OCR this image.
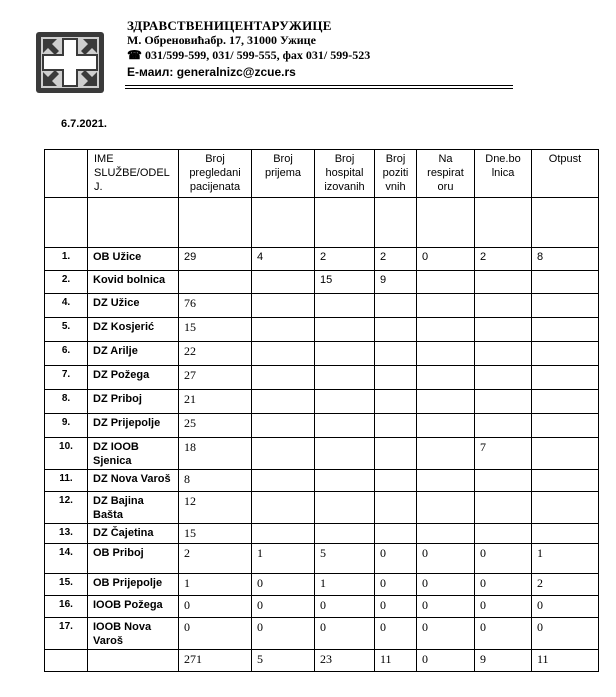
ЗДРАВСТВЕНИЦЕНТАРУЖИЦЕ
М. Обреновићабр. 17, 31000 Ужице
☎ 031/599-599, 031/ 599-555, фах 031/ 599-523
Е-маил: generalnizc@zcue.rs
6.7.2021.
	IME SLUŽBE/ODEL J.	Broj pregledani pacijenata	Broj prijema	Broj hospital izovanih	Broj poziti vnih	Na respirat oru	Dne.bo lnica	Otpust

1.	OB Užice	29	4	2	2	0	2	8
2.	Kovid bolnica			15	9			
4.	DZ Užice	76						
5.	DZ Kosjerić	15						
6.	DZ Arilje	22						
7.	DZ Požega	27						
8.	DZ Priboj	21						
9.	DZ Prijepolje	25						
10.	DZ IOOB Sjenica	18					7	
11.	DZ Nova Varoš	8						
12.	DZ Bajina Bašta	12						
13.	DZ Čajetina	15						
14.	OB Priboj	2	1	5	0	0	0	1
15.	OB Prijepolje	1	0	1	0	0	0	2
16.	IOOB Požega	0	0	0	0	0	0	0
17.	IOOB Nova Varoš	0	0	0	0	0	0	0
		271	5	23	11	0	9	11
